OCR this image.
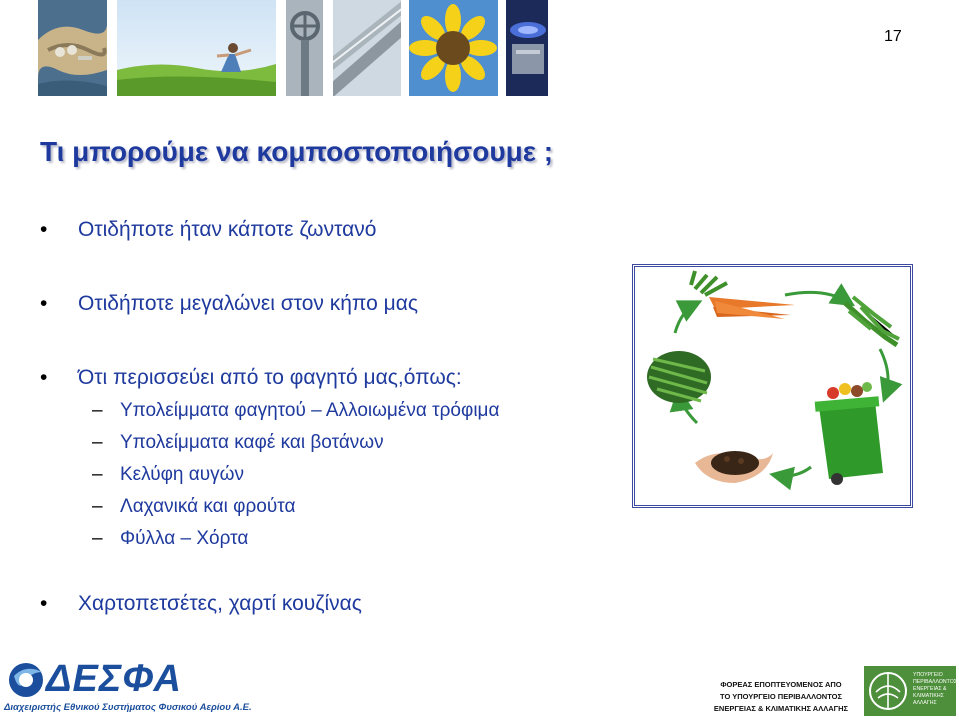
17
Τι μπορούμε να κομποστοποιήσουμε ;
• Οτιδήποτε ήταν κάποτε ζωντανό
• Οτιδήποτε μεγαλώνει στον κήπο μας
• Ότι περισσεύει από το φαγητό μας,όπως:
– Υπολείμματα φαγητού – Αλλοιωμένα τρόφιμα
– Υπολείμματα καφέ και βοτάνων
– Κελύφη αυγών
– Λαχανικά και φρούτα
– Φύλλα – Χόρτα
• Χαρτοπετσέτες, χαρτί κουζίνας
ΔΕΣΦΑ
Διαχειριστής Εθνικού Συστήματος Φυσικού Αερίου Α.Ε.
ΦΟΡΕΑΣ ΕΠΟΠΤΕΥΟΜΕΝΟΣ ΑΠΟ
ΤΟ ΥΠΟΥΡΓΕΙΟ ΠΕΡΙΒΑΛΛΟΝΤΟΣ
ΕΝΕΡΓΕΙΑΣ & ΚΛΙΜΑΤΙΚΗΣ ΑΛΛΑΓΗΣ
ΥΠΟΥΡΓΕΙΟ
ΠΕΡΙΒΑΛΛΟΝΤΟΣ
ΕΝΕΡΓΕΙΑΣ &
ΚΛΙΜΑΤΙΚΗΣ
ΑΛΛΑΓΗΣ
